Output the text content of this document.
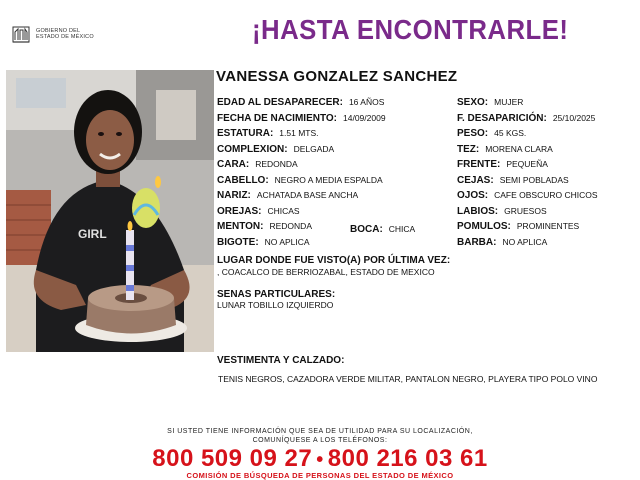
GOBIERNO DEL
ESTADO DE MÉXICO	¡HASTA ENCONTRARLE!
GIRL
VANESSA GONZALEZ SANCHEZ
EDAD AL DESAPARECER: 16 AÑOS
FECHA DE NACIMIENTO: 14/09/2009
ESTATURA: 1.51 MTS.
COMPLEXION: DELGADA
CARA: REDONDA
CABELLO: NEGRO A MEDIA ESPALDA
NARIZ: ACHATADA BASE ANCHA
OREJAS: CHICAS
MENTON: REDONDA	BOCA: CHICA
BIGOTE: NO APLICA
SEXO: MUJER
F. DESAPARICIÓN: 25/10/2025
PESO: 45 KGS.
TEZ: MORENA CLARA
FRENTE: PEQUEÑA
CEJAS: SEMI POBLADAS
OJOS: CAFE OBSCURO CHICOS
LABIOS: GRUESOS
POMULOS: PROMINENTES
BARBA: NO APLICA
LUGAR DONDE FUE VISTO(A) POR ÚLTIMA VEZ:
, COACALCO DE BERRIOZABAL, ESTADO DE MEXICO
SENAS PARTICULARES:
LUNAR TOBILLO IZQUIERDO
VESTIMENTA Y CALZADO:
TENIS NEGROS, CAZADORA VERDE MILITAR, PANTALON NEGRO, PLAYERA TIPO POLO VINO
SI USTED TIENE INFORMACIÓN QUE SEA DE UTILIDAD PARA SU LOCALIZACIÓN,
COMUNÍQUESE A LOS TELÉFONOS:
800 509 09 27 • 800 216 03 61
COMISIÓN DE BÚSQUEDA DE PERSONAS DEL ESTADO DE MÉXICO
